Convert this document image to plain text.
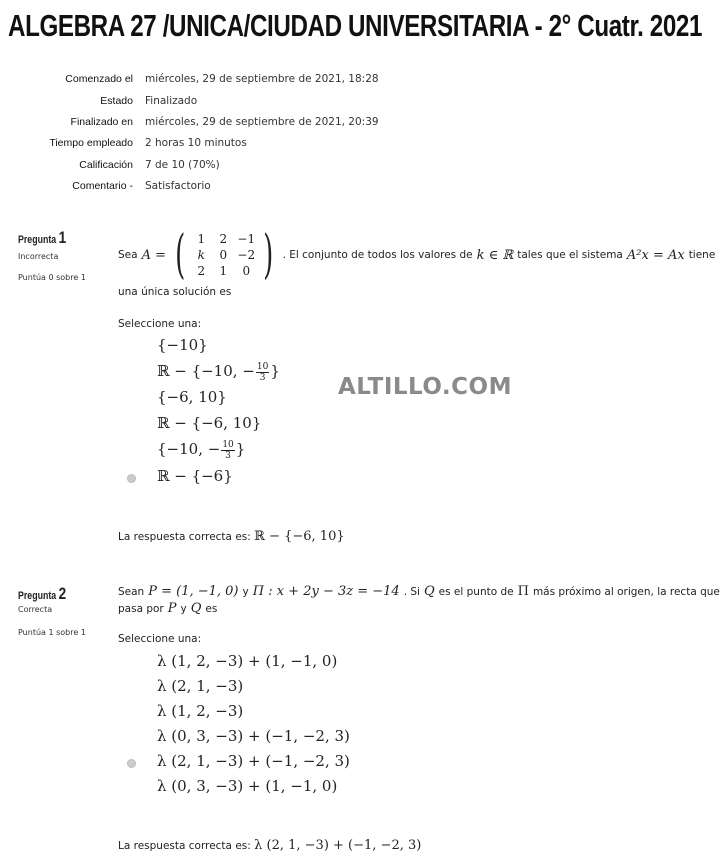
ALGEBRA 27 /UNICA/CIUDAD UNIVERSITARIA - 2° Cuatr. 2021
Comenzado el miércoles, 29 de septiembre de 2021, 18:28
Estado Finalizado
Finalizado en miércoles, 29 de septiembre de 2021, 20:39
Tiempo empleado 2 horas 10 minutos
Calificación 7 de 10 (70%)
Comentario - Satisfactorio
ALTILLO.COM
Pregunta 1
Incorrecta
Puntúa 0 sobre 1
Sea A = (	1	2 −1
k	0 −2
2	1	0 ) . El conjunto de todos los valores de k ∈ ℝ tales que el sistema A²x = Ax tiene
una única solución es
Seleccione una:
{−10}
ℝ − {−10, − $\frac{10}{3}$ }
{−6, 10}
ℝ − {−6, 10}
{−10, − $\frac{10}{3}$ }
ℝ − {−6}
La respuesta correcta es: ℝ − {−6, 10}
Pregunta 2
Correcta
Puntúa 1 sobre 1
Sean P = (1, −1, 0) y Π : x + 2y − 3z = −14 . Si Q es el punto de Π más próximo al origen, la recta que
pasa por P y Q es
Seleccione una:
λ (1, 2, −3) + (1, −1, 0)
λ (2, 1, −3)
λ (1, 2, −3)
λ (0, 3, −3) + (−1, −2, 3)
λ (2, 1, −3) + (−1, −2, 3)
λ (0, 3, −3) + (1, −1, 0)
La respuesta correcta es: λ (2, 1, −3) + (−1, −2, 3)
